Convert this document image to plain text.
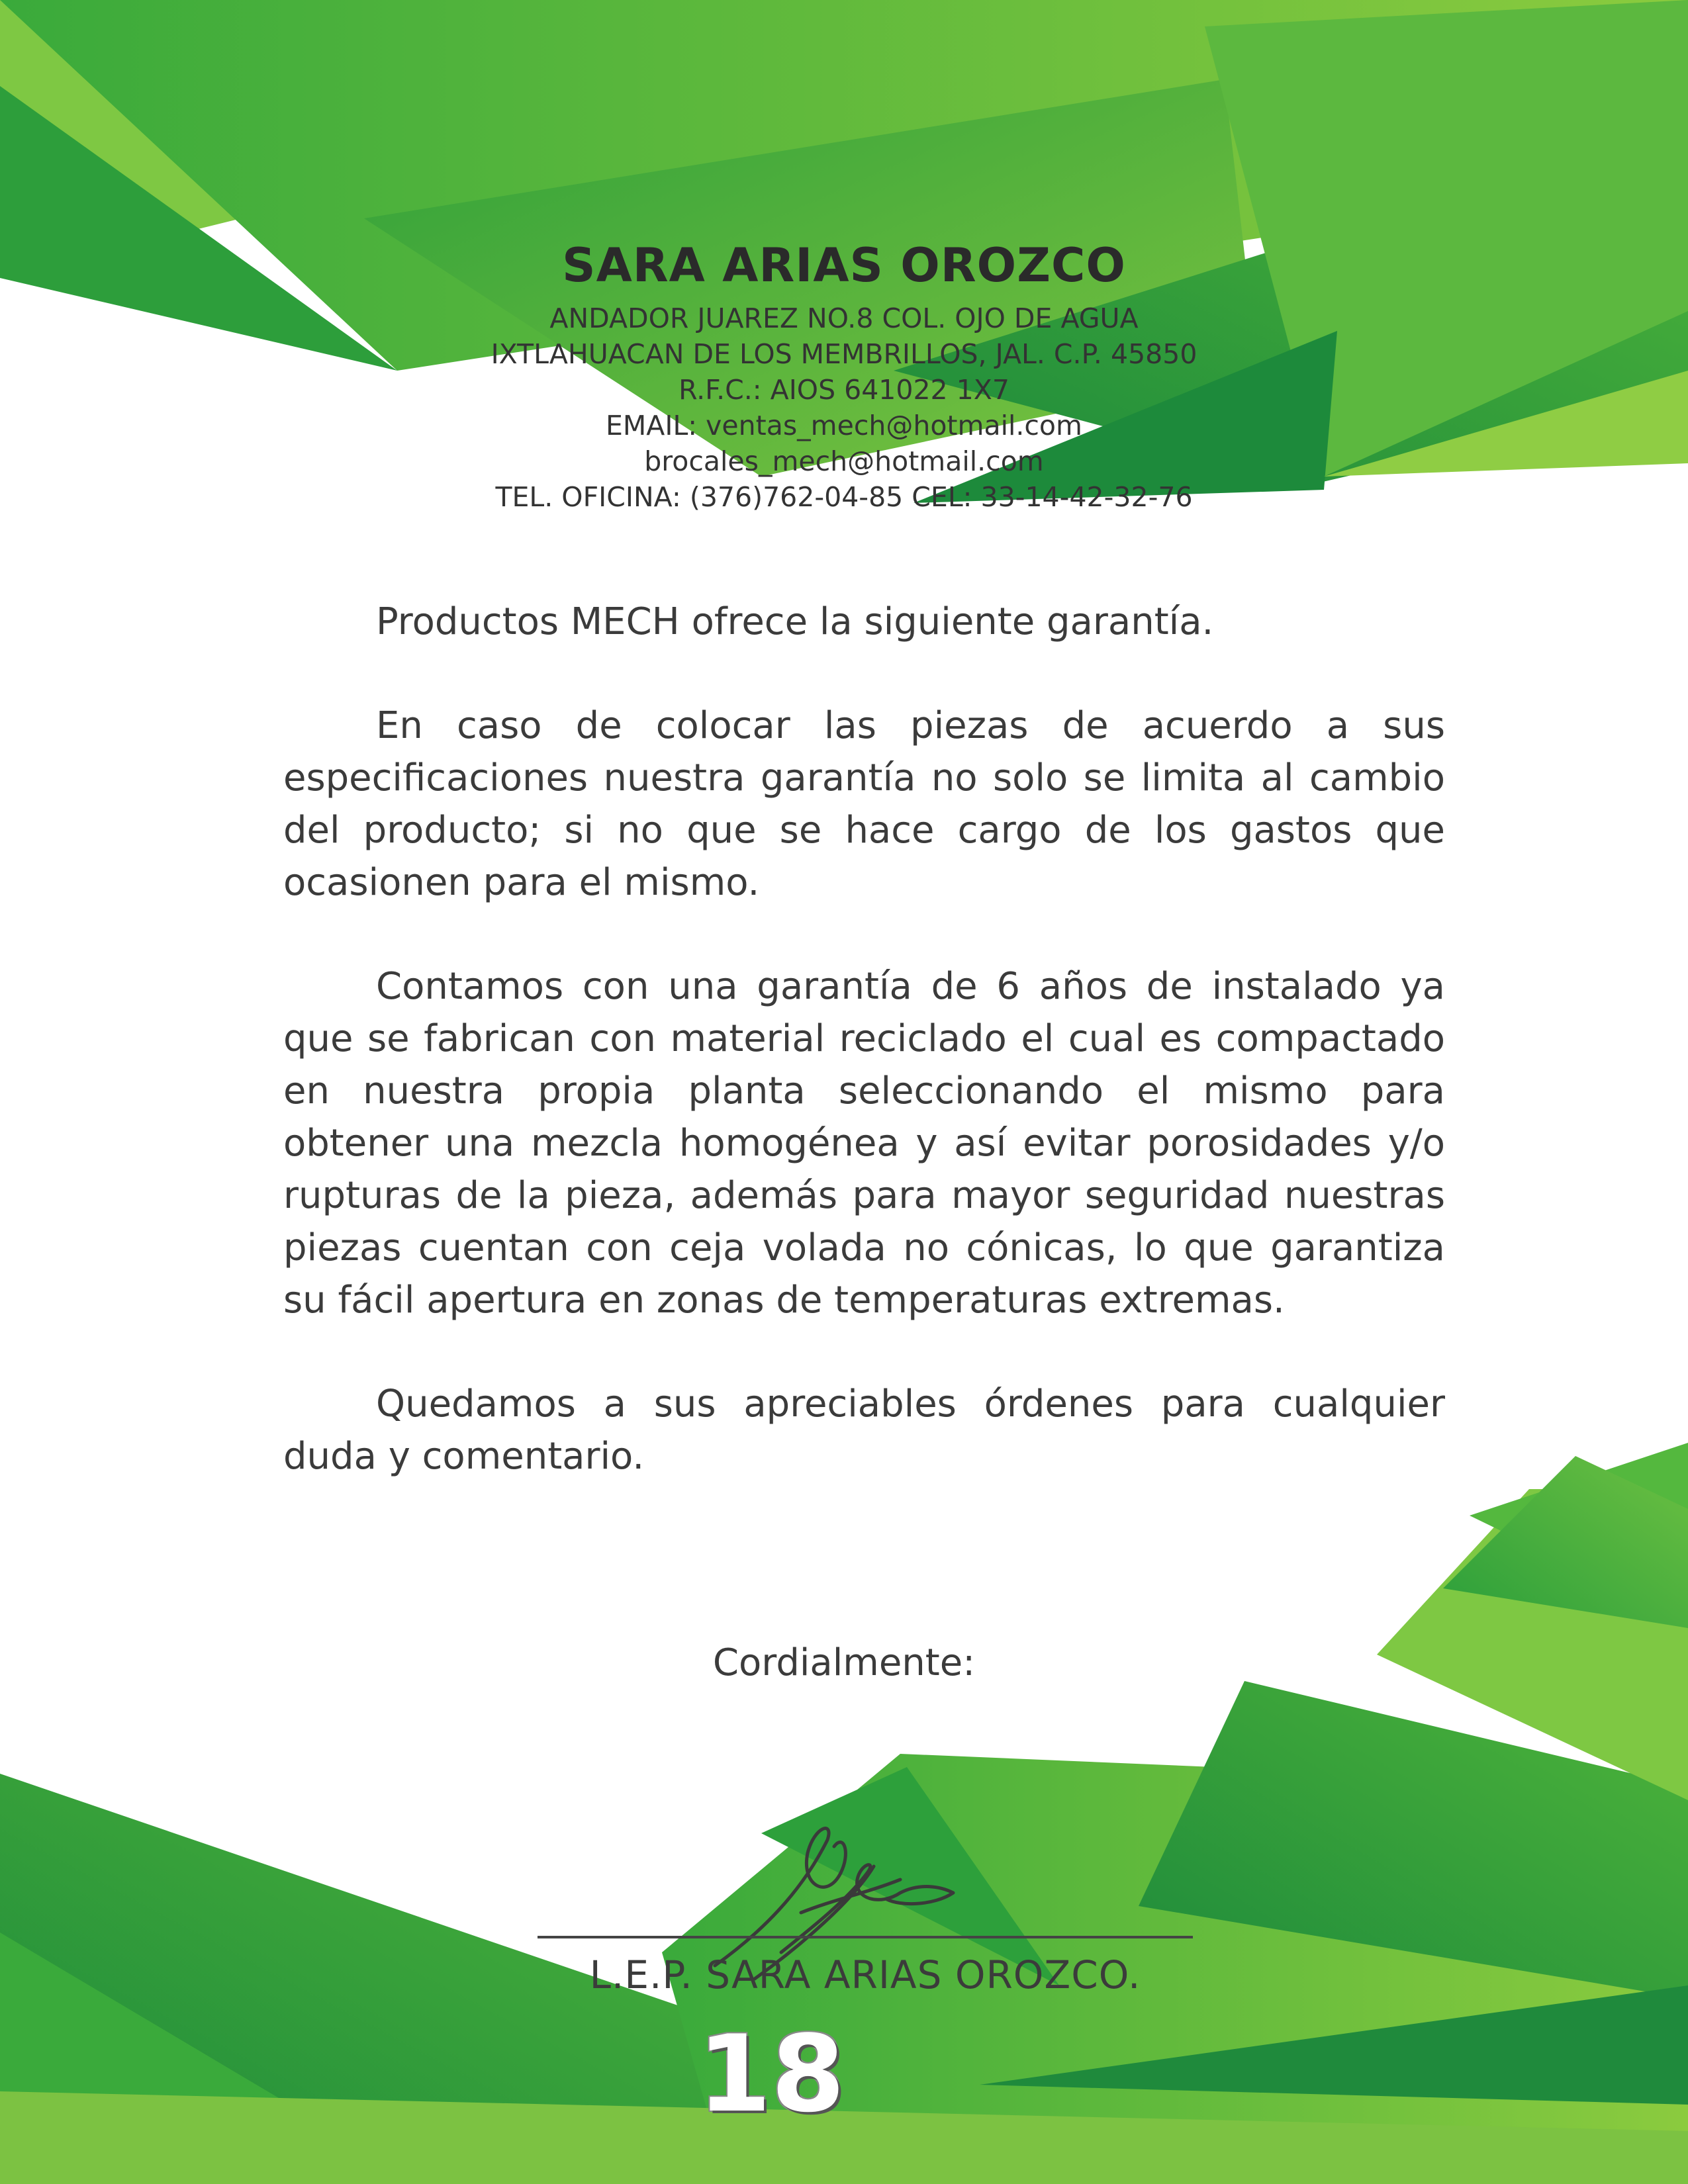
SARA ARIAS OROZCO

ANDADOR JUAREZ NO.8 COL. OJO DE AGUA

IXTLAHUACAN DE LOS MEMBRILLOS, JAL. C.P. 45850

R.F.C.: AIOS 641022 1X7

EMAIL: ventas_mech@hotmail.com

brocales_mech@hotmail.com

TEL. OFICINA: (376)762-04-85 CEL: 33-14-42-32-76

Productos MECH ofrece la siguiente garantía.

En caso de colocar las piezas de acuerdo a sus especificaciones nuestra garantía no solo se limita al cambio del producto; si no que se hace cargo de los gastos que ocasionen para el mismo.

Contamos con una garantía de 6 años de instalado ya que se fabrican con material reciclado el cual es compactado en nuestra propia planta seleccionando el mismo para obtener una mezcla homogénea y así evitar porosidades y/o rupturas de la pieza, además para mayor seguridad nuestras piezas cuentan con ceja volada no cónicas, lo que garantiza su fácil apertura en zonas de temperaturas extremas.

Quedamos a sus apreciables órdenes para cualquier duda y comentario.

Cordialmente:
L.E.P. SARA ARIAS OROZCO.
18
